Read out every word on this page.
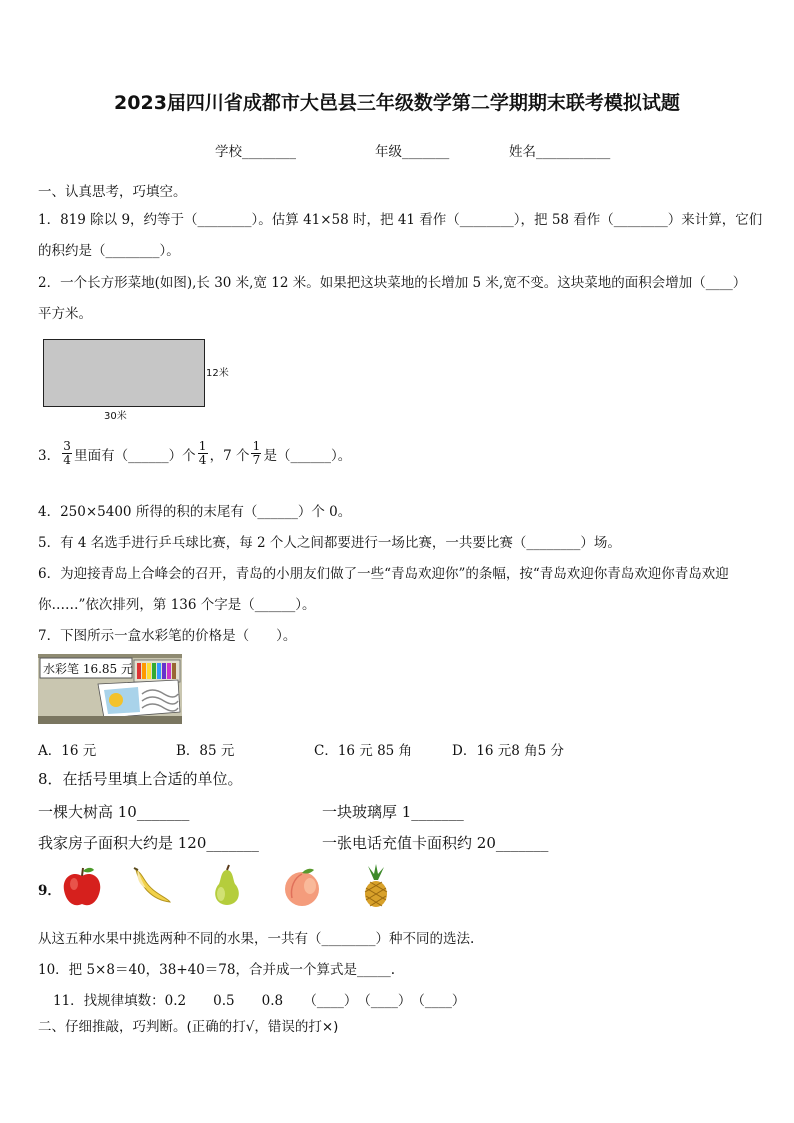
2023届四川省成都市大邑县三年级数学第二学期期末联考模拟试题
学校________	年级_______	姓名___________
一、认真思考，巧填空。
1．819 除以 9，约等于（________）。估算 41×58 时，把 41 看作（________），把 58 看作（________）来计算，它们
的积约是（________）。
2．一个长方形菜地(如图),长 30 米,宽 12 米。如果把这块菜地的长增加 5 米,宽不变。这块菜地的面积会增加（____）
平方米。
12米
30米
3． $\frac{3}{4}$ 里面有（______）个 $\frac{1}{4}$ ，7 个 $\frac{1}{7}$ 是（______）。
4．250×5400 所得的积的末尾有（______）个 0。
5．有 4 名选手进行乒乓球比赛，每 2 个人之间都要进行一场比赛，一共要比赛（________）场。
6．为迎接青岛上合峰会的召开，青岛的小朋友们做了一些“青岛欢迎你”的条幅，按“青岛欢迎你青岛欢迎你青岛欢迎
你……”依次排列，第 136 个字是（______）。
7．下图所示一盒水彩笔的价格是（　　）。
水彩笔 16.85 元
A．16 元	B．85 元	C．16 元 85 角	D．16 元8 角5 分
8．在括号里填上合适的单位。
一棵大树高 10_______	一块玻璃厚 1_______
我家房子面积大约是 120_______	一张电话充值卡面积约 20_______
9．
从这五种水果中挑选两种不同的水果，一共有（________）种不同的选法.
10．把 5×8＝40，38+40＝78，合并成一个算式是_____.
11．找规律填数：0.2　　0.5　　0.8　　（____）　（____）　（____）
二、仔细推敲，巧判断。(正确的打√，错误的打×)
